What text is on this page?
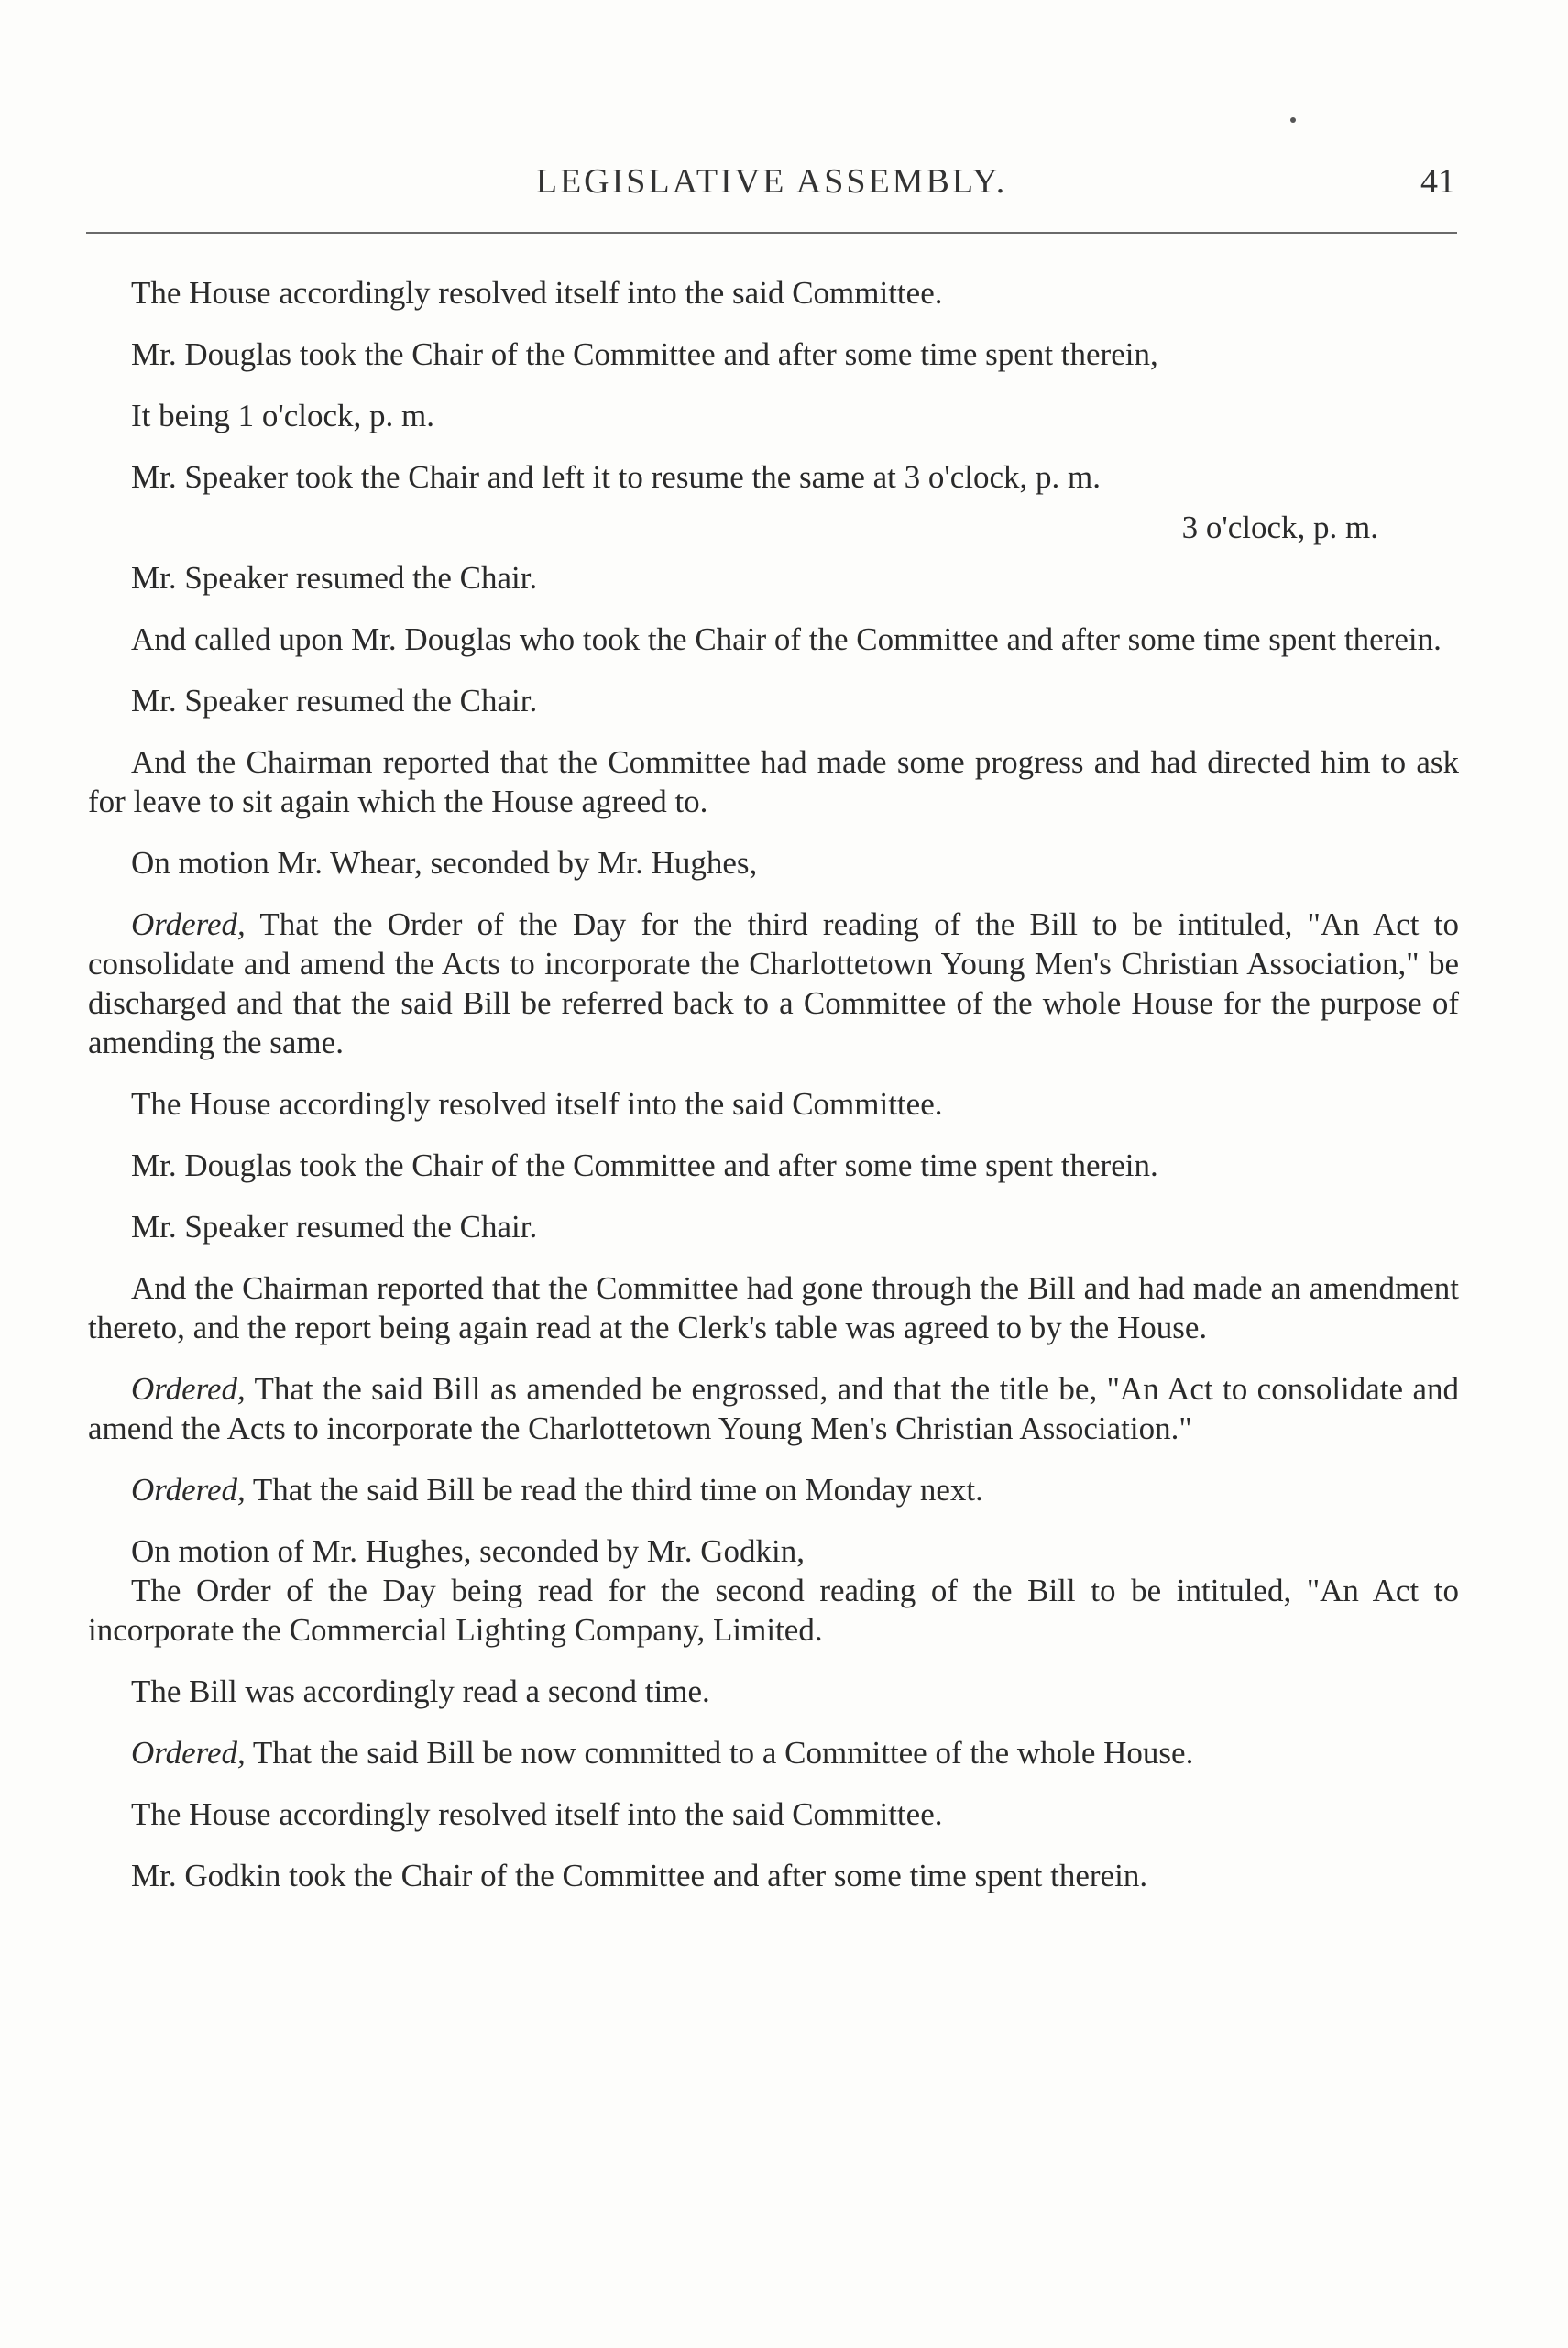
LEGISLATIVE ASSEMBLY.	41

The House accordingly resolved itself into the said Committee.

Mr. Douglas took the Chair of the Committee and after some time spent therein,

It being 1 o'clock, p. m.

Mr. Speaker took the Chair and left it to resume the same at 3 o'clock, p. m.

3 o'clock, p. m.

Mr. Speaker resumed the Chair.

And called upon Mr. Douglas who took the Chair of the Committee and after some time spent therein.

Mr. Speaker resumed the Chair.

And the Chairman reported that the Committee had made some progress and had directed him to ask for leave to sit again which the House agreed to.

On motion Mr. Whear, seconded by Mr. Hughes,

Ordered, That the Order of the Day for the third reading of the Bill to be intituled, "An Act to consolidate and amend the Acts to incorporate the Charlottetown Young Men's Christian Association," be discharged and that the said Bill be referred back to a Committee of the whole House for the purpose of amending the same.

The House accordingly resolved itself into the said Committee.

Mr. Douglas took the Chair of the Committee and after some time spent therein.

Mr. Speaker resumed the Chair.

And the Chairman reported that the Committee had gone through the Bill and had made an amendment thereto, and the report being again read at the Clerk's table was agreed to by the House.

Ordered, That the said Bill as amended be engrossed, and that the title be, "An Act to consolidate and amend the Acts to incorporate the Charlottetown Young Men's Christian Association."

Ordered, That the said Bill be read the third time on Monday next.

On motion of Mr. Hughes, seconded by Mr. Godkin,

The Order of the Day being read for the second reading of the Bill to be intituled, "An Act to incorporate the Commercial Lighting Company, Limited.

The Bill was accordingly read a second time.

Ordered, That the said Bill be now committed to a Committee of the whole House.

The House accordingly resolved itself into the said Committee.

Mr. Godkin took the Chair of the Committee and after some time spent therein.
